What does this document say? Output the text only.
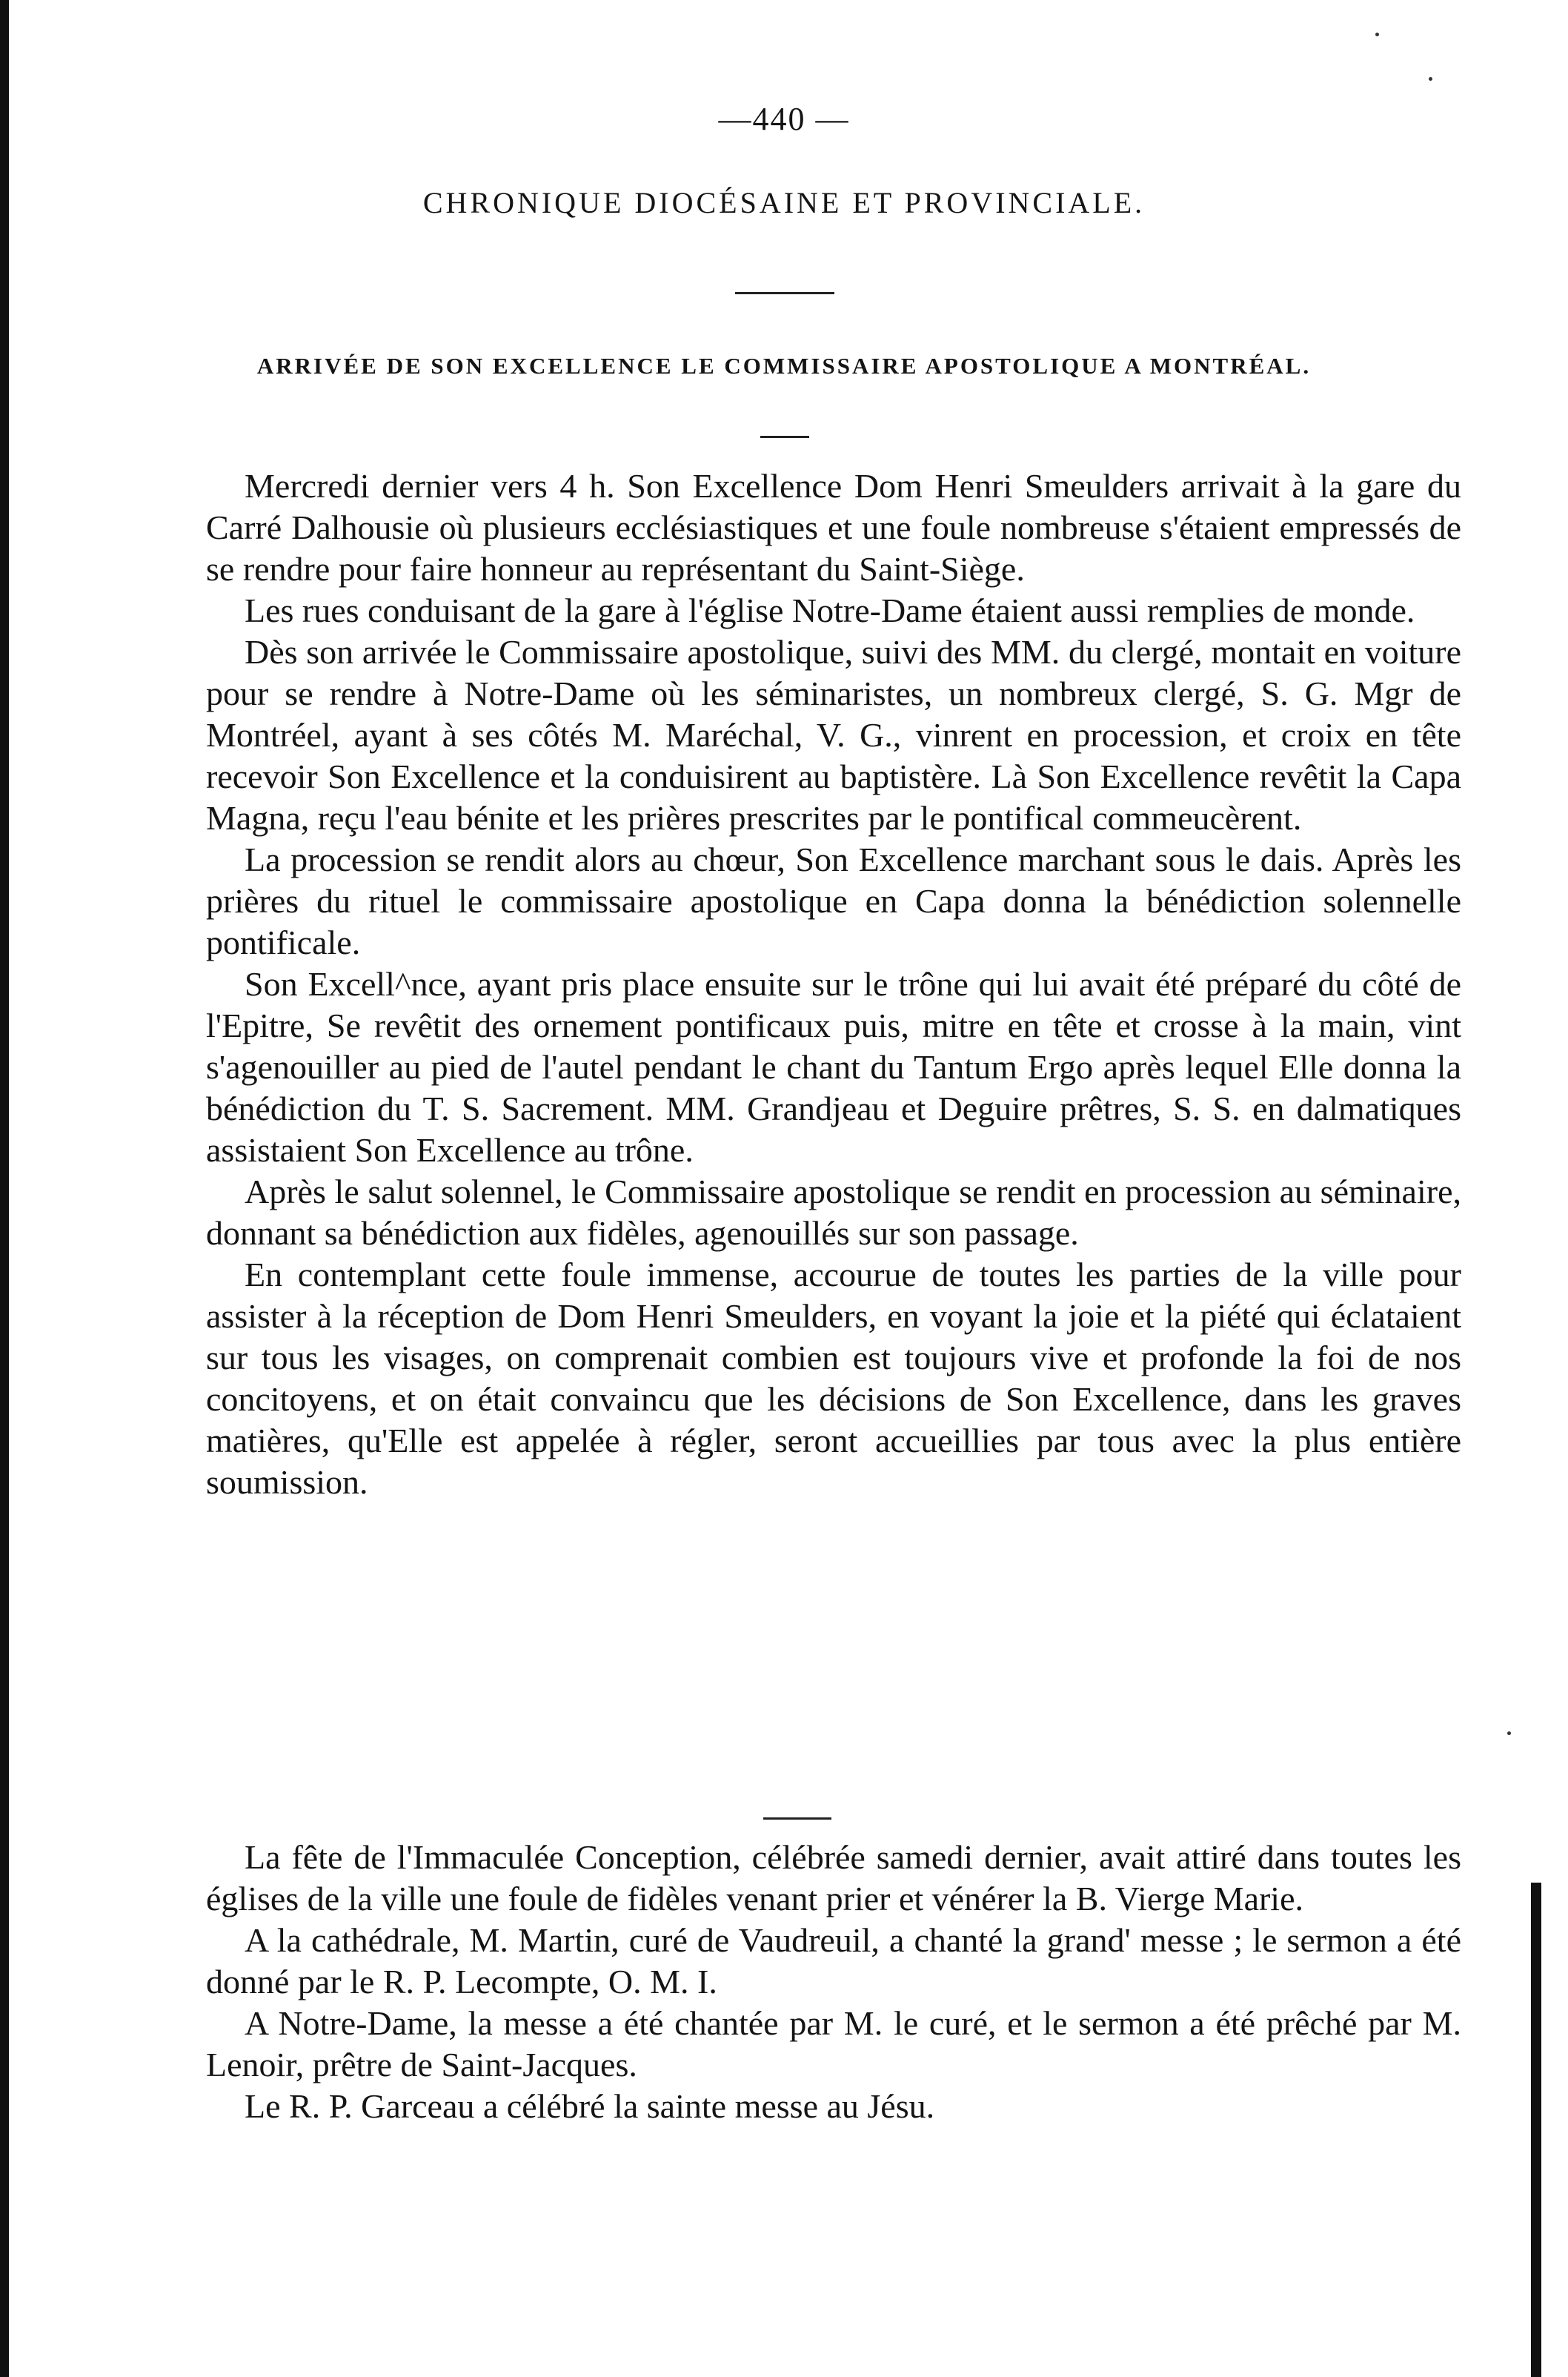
—440 —
CHRONIQUE DIOCÉSAINE ET PROVINCIALE.
ARRIVÉE DE SON EXCELLENCE LE COMMISSAIRE APOSTOLIQUE A MONTRÉAL.

Mercredi dernier vers 4 h. Son Excellence Dom Henri Smeulders arrivait à la gare du Carré Dalhousie où plusieurs ecclésiastiques et une foule nombreuse s'étaient empressés de se rendre pour faire honneur au représentant du Saint-Siège.

Les rues conduisant de la gare à l'église Notre-Dame étaient aussi remplies de monde.

Dès son arrivée le Commissaire apostolique, suivi des MM. du clergé, montait en voiture pour se rendre à Notre-Dame où les séminaristes, un nombreux clergé, S. G. Mgr de Montréel, ayant à ses côtés M. Maréchal, V. G., vinrent en procession, et croix en tête recevoir Son Excellence et la conduisirent au baptistère. Là Son Excellence revêtit la Capa Magna, reçu l'eau bénite et les prières prescrites par le pontifical commeucèrent.

La procession se rendit alors au chœur, Son Excellence marchant sous le dais. Après les prières du rituel le commissaire apostolique en Capa donna la bénédiction solennelle pontificale.

Son Excell^nce, ayant pris place ensuite sur le trône qui lui avait été préparé du côté de l'Epitre, Se revêtit des ornement pontificaux puis, mitre en tête et crosse à la main, vint s'agenouiller au pied de l'autel pendant le chant du Tantum Ergo après lequel Elle donna la bénédiction du T. S. Sacrement. MM. Grandjeau et Deguire prêtres, S. S. en dalmatiques assistaient Son Excellence au trône.

Après le salut solennel, le Commissaire apostolique se rendit en procession au séminaire, donnant sa bénédiction aux fidèles, agenouillés sur son passage.

En contemplant cette foule immense, accourue de toutes les parties de la ville pour assister à la réception de Dom Henri Smeulders, en voyant la joie et la piété qui éclataient sur tous les visages, on comprenait combien est toujours vive et profonde la foi de nos concitoyens, et on était convaincu que les décisions de Son Excellence, dans les graves matières, qu'Elle est appelée à régler, seront accueillies par tous avec la plus entière soumission.

La fête de l'Immaculée Conception, célébrée samedi dernier, avait attiré dans toutes les églises de la ville une foule de fidèles venant prier et vénérer la B. Vierge Marie.

A la cathédrale, M. Martin, curé de Vaudreuil, a chanté la grand' messe ; le sermon a été donné par le R. P. Lecompte, O. M. I.

A Notre-Dame, la messe a été chantée par M. le curé, et le sermon a été prêché par M. Lenoir, prêtre de Saint-Jacques.

Le R. P. Garceau a célébré la sainte messe au Jésu.
